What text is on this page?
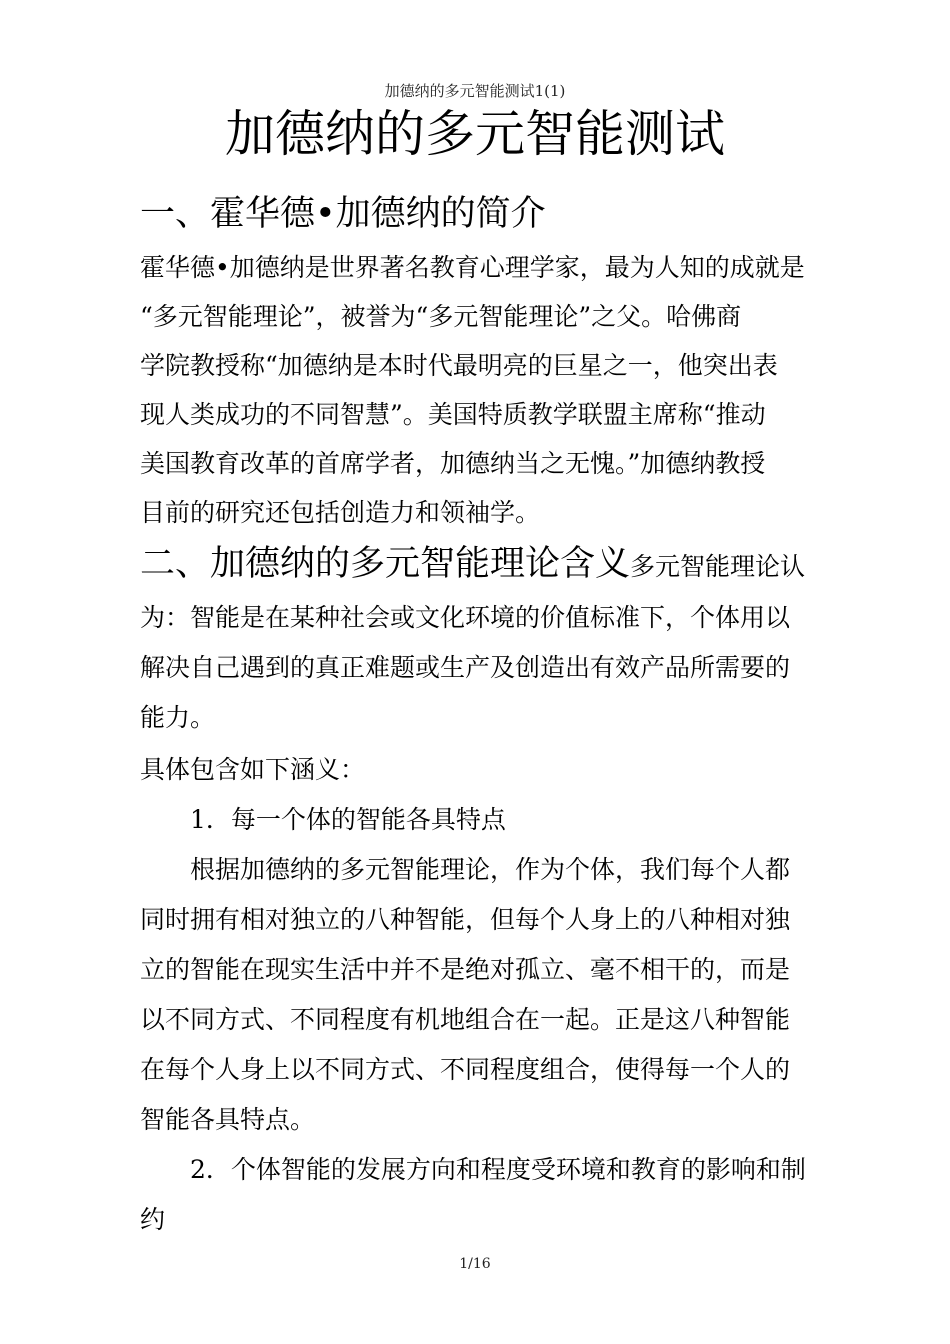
加德纳的多元智能测试1(1)
加德纳的多元智能测试
一、霍华德•加德纳的简介
霍华德•加德纳是世界著名教育心理学家，最为人知的成就是
“多元智能理论”，被誉为“多元智能理论”之父。哈佛商
学院教授称“加德纳是本时代最明亮的巨星之一，他突出表
现人类成功的不同智慧”。美国特质教学联盟主席称“推动
美国教育改革的首席学者，加德纳当之无愧。”加德纳教授
目前的研究还包括创造力和领袖学。
二、加德纳的多元智能理论含义多元智能理论认
为：智能是在某种社会或文化环境的价值标准下，个体用以
解决自己遇到的真正难题或生产及创造出有效产品所需要的
能力。
具体包含如下涵义：
1．每一个体的智能各具特点
根据加德纳的多元智能理论，作为个体，我们每个人都
同时拥有相对独立的八种智能，但每个人身上的八种相对独
立的智能在现实生活中并不是绝对孤立、毫不相干的，而是
以不同方式、不同程度有机地组合在一起。正是这八种智能
在每个人身上以不同方式、不同程度组合，使得每一个人的
智能各具特点。
2．个体智能的发展方向和程度受环境和教育的影响和制
约
1/16
